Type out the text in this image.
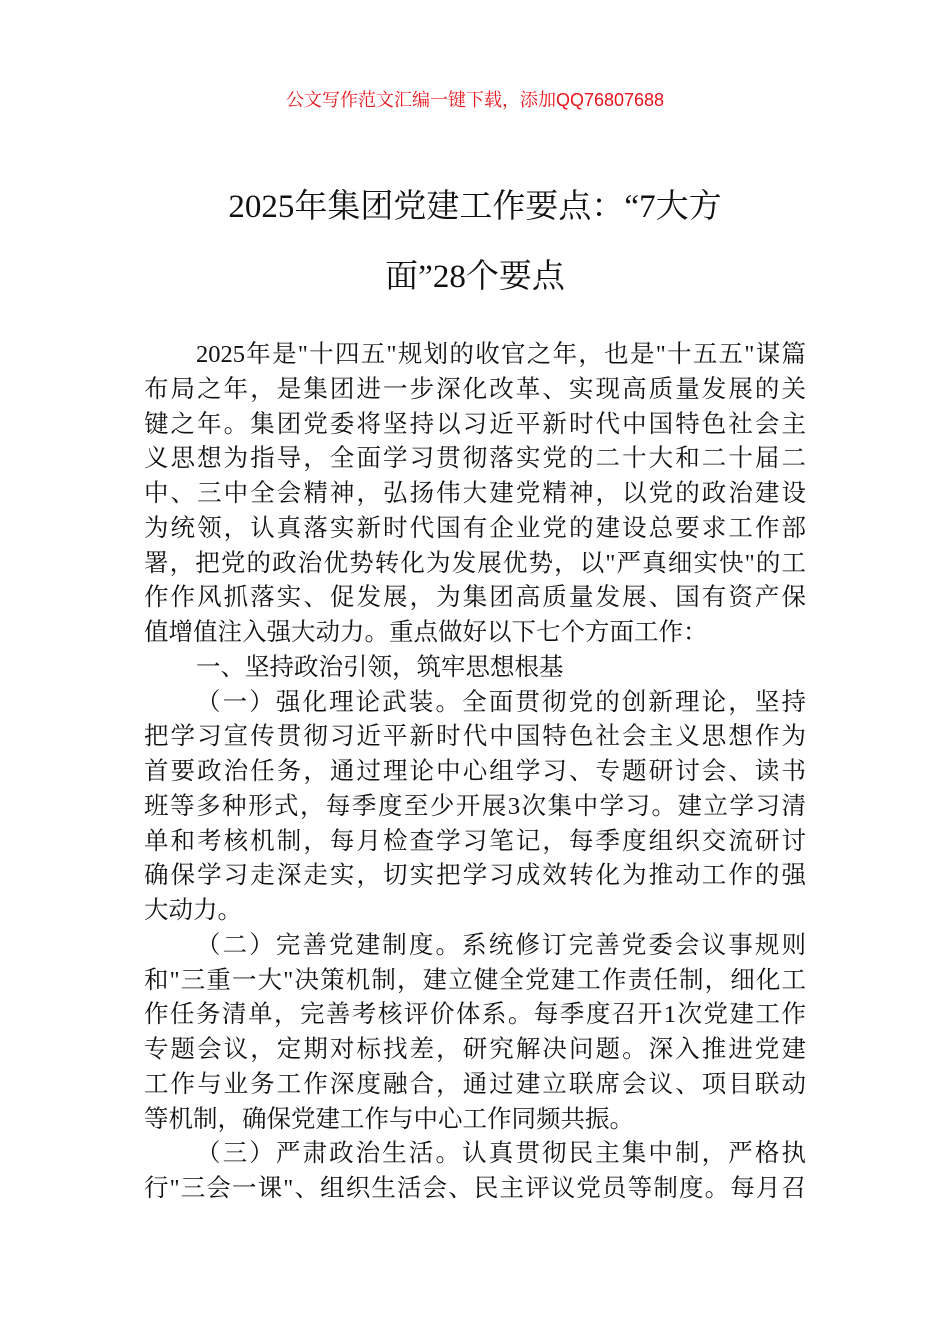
公文写作范文汇编一键下载，添加QQ76807688
2025年集团党建工作要点：“7大方
面”28个要点
2025年是"十四五"规划的收官之年，也是"十五五"谋篇
布局之年，是集团进一步深化改革、实现高质量发展的关
键之年。集团党委将坚持以习近平新时代中国特色社会主
义思想为指导，全面学习贯彻落实党的二十大和二十届二
中、三中全会精神，弘扬伟大建党精神，以党的政治建设
为统领，认真落实新时代国有企业党的建设总要求工作部
署，把党的政治优势转化为发展优势，以"严真细实快"的工
作作风抓落实、促发展，为集团高质量发展、国有资产保
值增值注入强大动力。重点做好以下七个方面工作：
一、坚持政治引领，筑牢思想根基
（一）强化理论武装。全面贯彻党的创新理论，坚持
把学习宣传贯彻习近平新时代中国特色社会主义思想作为
首要政治任务，通过理论中心组学习、专题研讨会、读书
班等多种形式，每季度至少开展3次集中学习。建立学习清
单和考核机制，每月检查学习笔记，每季度组织交流研讨
确保学习走深走实，切实把学习成效转化为推动工作的强
大动力。
（二）完善党建制度。系统修订完善党委会议事规则
和"三重一大"决策机制，建立健全党建工作责任制，细化工
作任务清单，完善考核评价体系。每季度召开1次党建工作
专题会议，定期对标找差，研究解决问题。深入推进党建
工作与业务工作深度融合，通过建立联席会议、项目联动
等机制，确保党建工作与中心工作同频共振。
（三）严肃政治生活。认真贯彻民主集中制，严格执
行"三会一课"、组织生活会、民主评议党员等制度。每月召
